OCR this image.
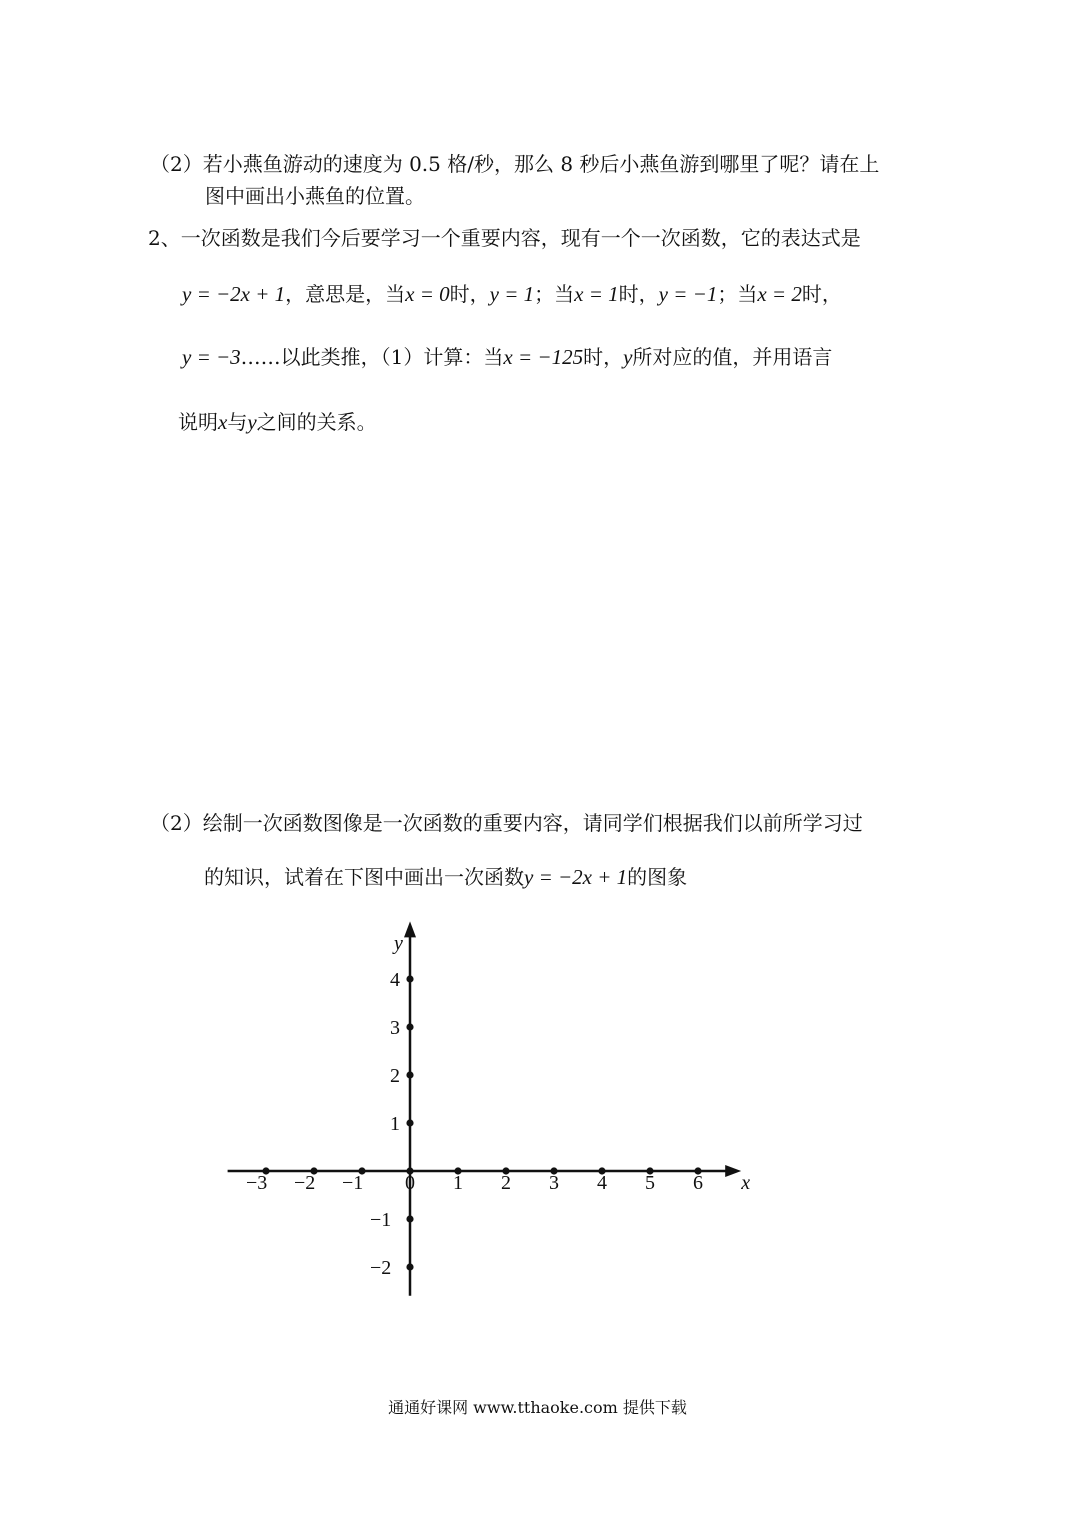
（2）若小燕鱼游动的速度为 0.5 格/秒，那么 8 秒后小燕鱼游到哪里了呢？请在上
图中画出小燕鱼的位置。
2、一次函数是我们今后要学习一个重要内容，现有一个一次函数，它的表达式是
y = −2x + 1，意思是，当x = 0时，y = 1；当x = 1时，y = −1；当x = 2时，
y = −3……以此类推，（1）计算：当x = −125时，y所对应的值，并用语言
说明x与y之间的关系。
（2）绘制一次函数图像是一次函数的重要内容，请同学们根据我们以前所学习过
的知识，试着在下图中画出一次函数y = −2x + 1的图象
−3 −2 −1 0 1 2 3 4 5 6
−2
−1
1
2
3
4
x
y
通通好课网 www.tthaoke.com 提供下载
